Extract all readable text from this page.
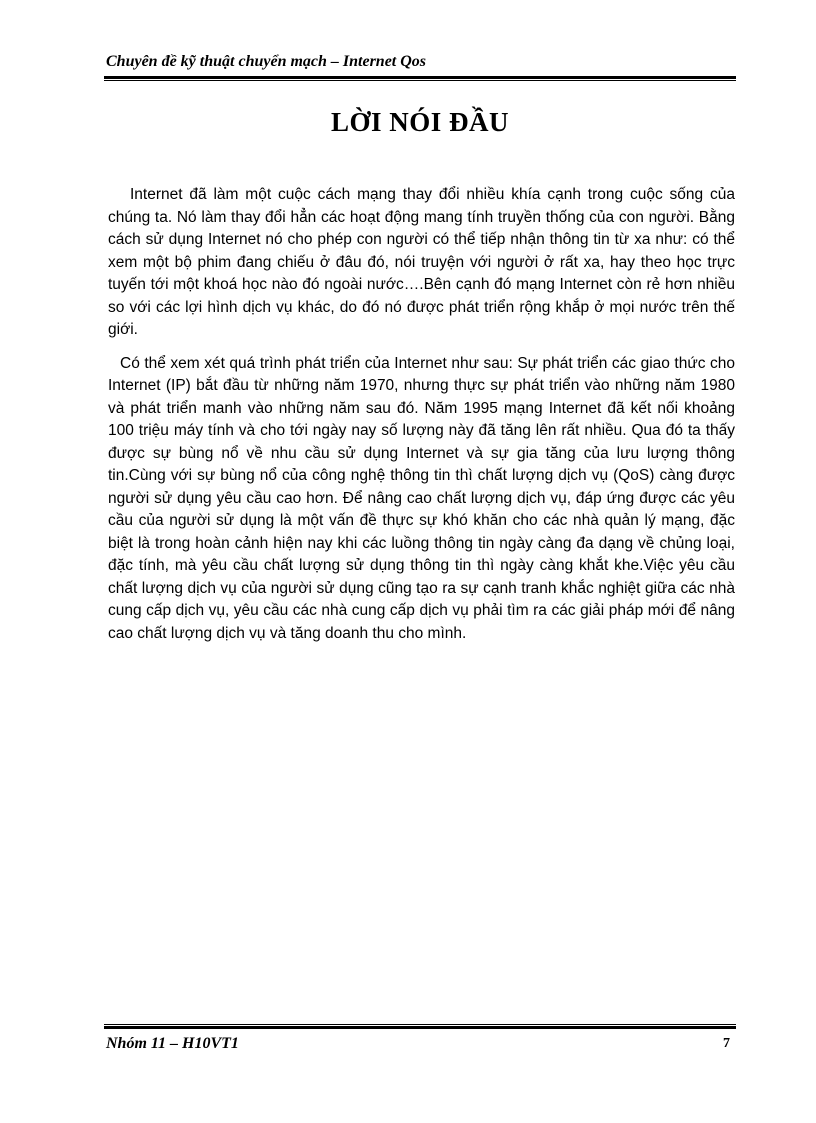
Chuyên đề kỹ thuật chuyển mạch – Internet Qos
LỜI NÓI ĐẦU

Internet đã làm một cuộc cách mạng thay đổi nhiều khía cạnh trong cuộc sống của chúng ta. Nó làm thay đổi hẳn các hoạt động mang tính truyền thống của con người. Bằng cách sử dụng Internet nó cho phép con người có thể tiếp nhận thông tin từ xa như: có thể xem một bộ phim đang chiếu ở đâu đó, nói truyện với người ở rất xa, hay theo học trực tuyến tới một khoá học nào đó ngoài nước….Bên cạnh đó mạng Internet còn rẻ hơn nhiều so với các lợi hình dịch vụ khác, do đó nó được phát triển rộng khắp ở mọi nước trên thế giới.

Có thể xem xét quá trình phát triển của Internet như sau: Sự phát triển các giao thức cho Internet (IP) bắt đầu từ những năm 1970, nhưng thực sự phát triển vào những năm 1980 và phát triển manh vào những năm sau đó. Năm 1995 mạng Internet đã kết nối khoảng 100 triệu máy tính và cho tới ngày nay số lượng này đã tăng lên rất nhiều. Qua đó ta thấy được sự bùng nổ về nhu cầu sử dụng Internet và sự gia tăng của lưu lượng thông tin.Cùng với sự bùng nổ của công nghệ thông tin thì chất lượng dịch vụ (QoS) càng được người sử dụng yêu cầu cao hơn. Để nâng cao chất lượng dịch vụ, đáp ứng được các yêu cầu của người sử dụng là một vấn đề thực sự khó khăn cho các nhà quản lý mạng, đặc biệt là trong hoàn cảnh hiện nay khi các luồng thông tin ngày càng đa dạng về chủng loại, đặc tính, mà yêu cầu chất lượng sử dụng thông tin thì ngày càng khắt khe.Việc yêu cầu chất lượng dịch vụ của người sử dụng cũng tạo ra sự cạnh tranh khắc nghiệt giữa các nhà cung cấp dịch vụ, yêu cầu các nhà cung cấp dịch vụ phải tìm ra các giải pháp mới để nâng cao chất lượng dịch vụ và tăng doanh thu cho mình.

Nhóm 11 – H10VT1	7
